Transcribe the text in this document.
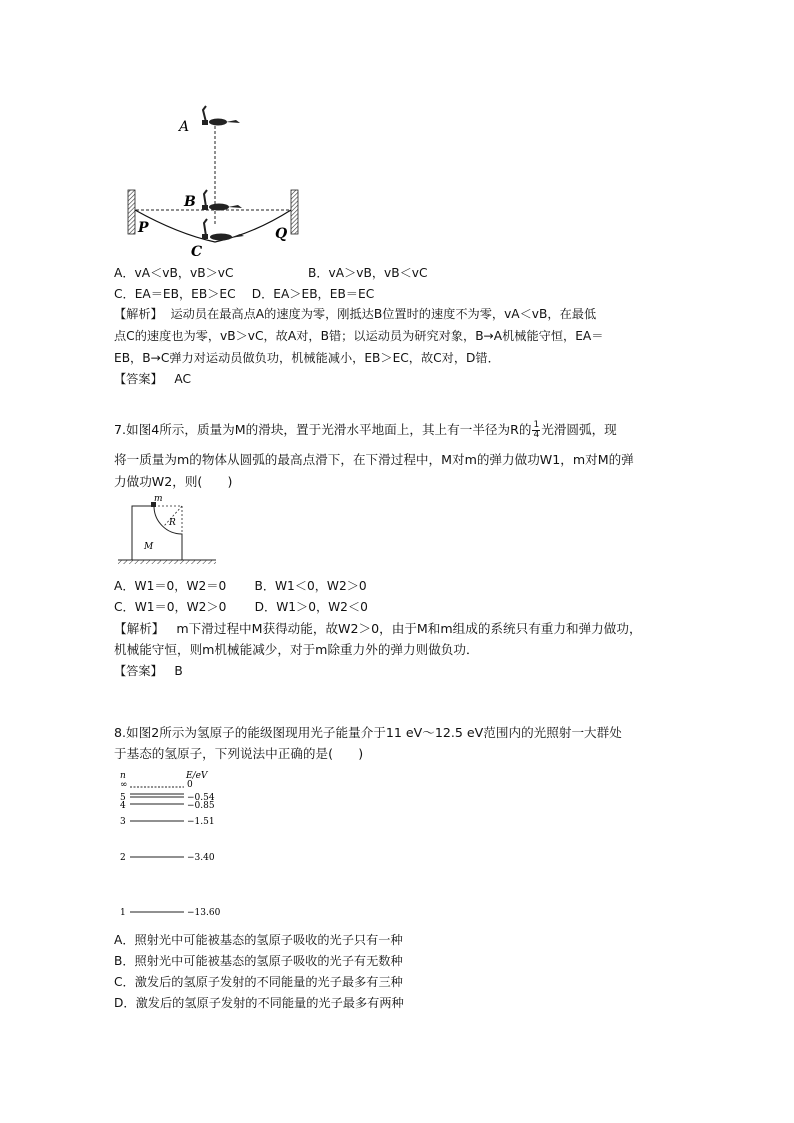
A
B
P	Q
C
A．vA＜vB，vB＞vC	B．vA＞vB，vB＜vC
C．EA＝EB，EB＞EC　 D．EA＞EB，EB＝EC
【解析】 运动员在最高点A的速度为零，刚抵达B位置时的速度不为零，vA＜vB，在最低
点C的速度也为零，vB＞vC，故A对，B错；以运动员为研究对象，B→A机械能守恒，EA＝
EB，B→C弹力对运动员做负功，机械能减小，EB＞EC，故C对，D错．
【答案】 AC
7.如图4所示，质量为M的滑块，置于光滑水平地面上，其上有一半径为R的 $\frac{1}{4}$ 光滑圆弧，现
将一质量为m的物体从圆弧的最高点滑下，在下滑过程中，M对m的弹力做功W1，m对M的弹
力做功W2，则(　　)
m
R
M
A．W1＝0，W2＝0　　 B．W1＜0，W2＞0
C．W1＝0，W2＞0　　 D．W1＞0，W2＜0
【解析】 m下滑过程中M获得动能，故W2＞0，由于M和m组成的系统只有重力和弹力做功，
机械能守恒，则m机械能减少，对于m除重力外的弹力则做负功．
【答案】 B
8.如图2所示为氢原子的能级图现用光子能量介于11 eV～12.5 eV范围内的光照射一大群处
于基态的氢原子，下列说法中正确的是(　　)
n	E/eV
∞	0
5	−0.54
4	−0.85
3	−1.51
2	−3.40
1	−13.60
A．照射光中可能被基态的氢原子吸收的光子只有一种
B．照射光中可能被基态的氢原子吸收的光子有无数种
C．激发后的氢原子发射的不同能量的光子最多有三种
D．激发后的氢原子发射的不同能量的光子最多有两种
